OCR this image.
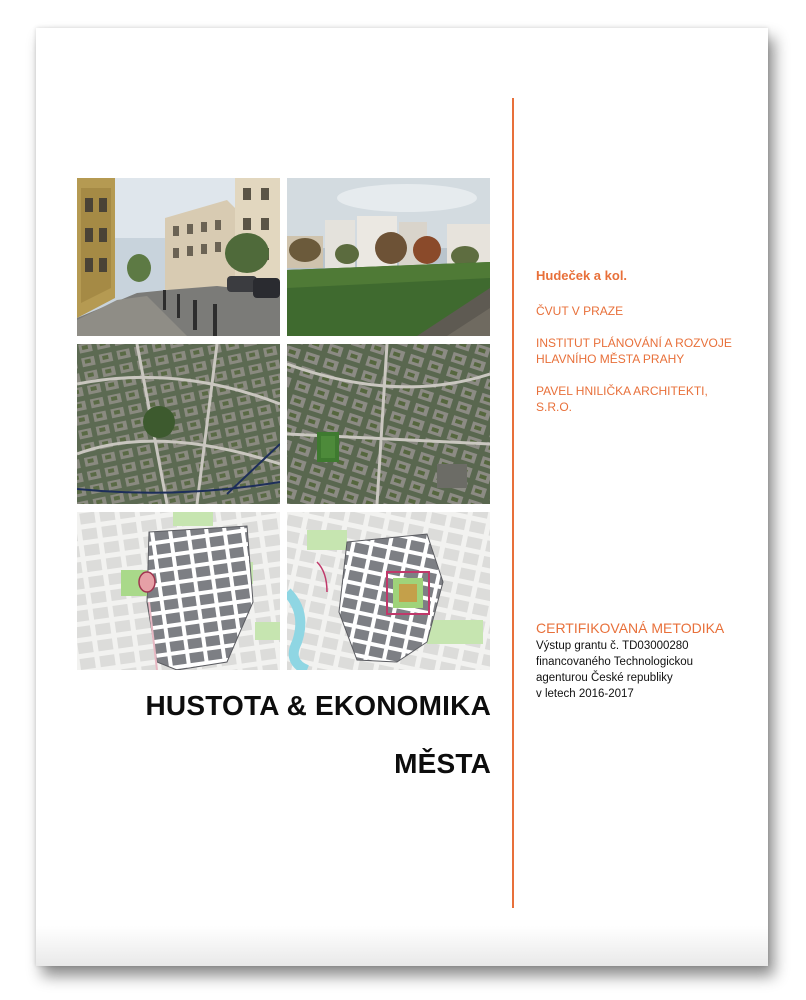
Hudeček a kol.

ČVUT V PRAZE

INSTITUT PLÁNOVÁNÍ A ROZVOJE
HLAVNÍHO MĚSTA PRAHY

PAVEL HNILIČKA ARCHITEKTI,
S.R.O.

CERTIFIKOVANÁ METODIKA

Výstup grantu č. TD03000280
financovaného Technologickou
agenturou České republiky
v letech 2016-2017

HUSTOTA & EKONOMIKA
MĚSTA
